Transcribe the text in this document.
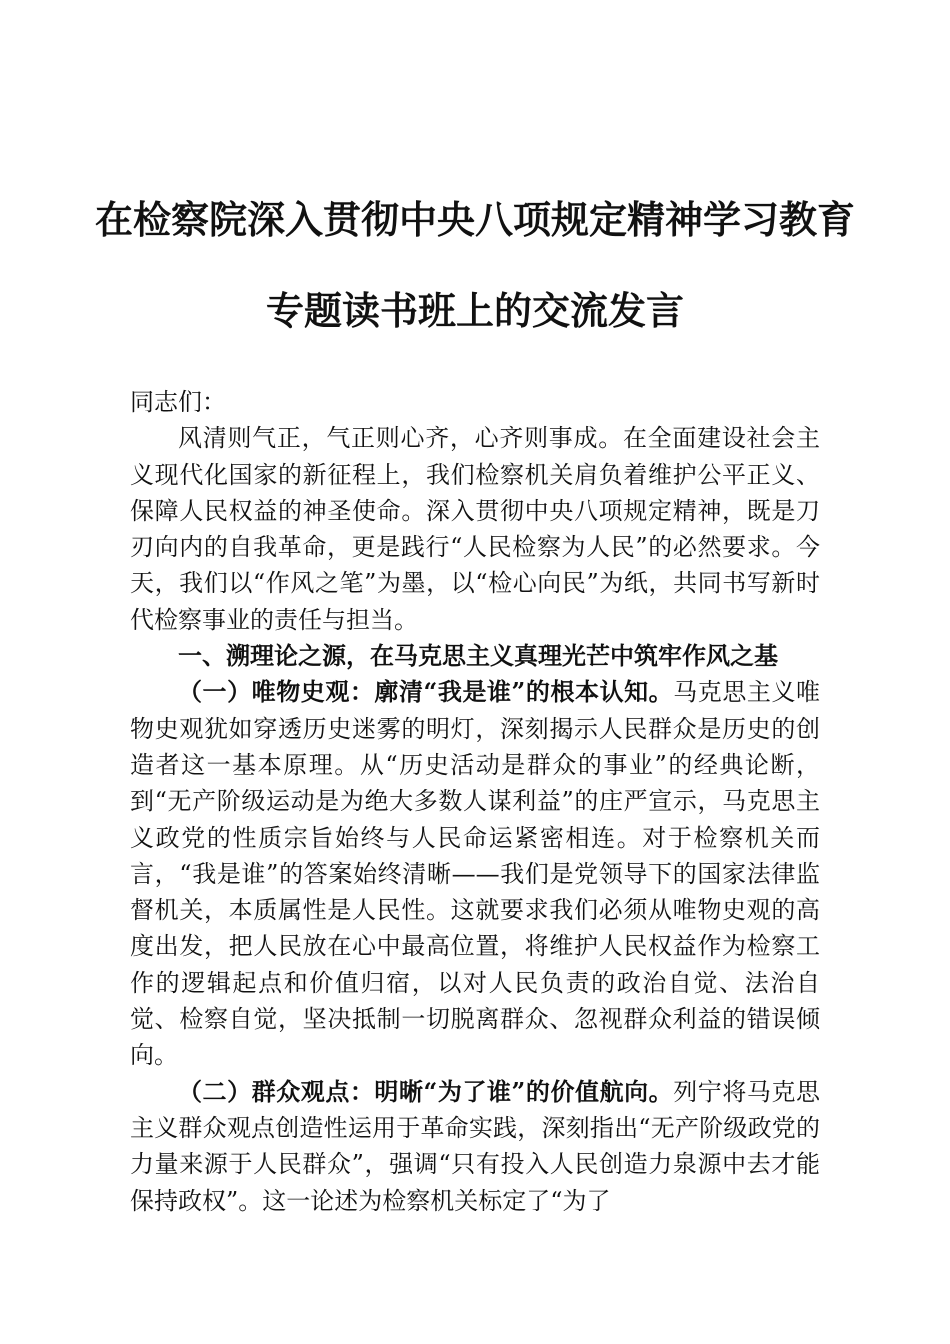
在检察院深入贯彻中央八项规定精神学习教育
专题读书班上的交流发言

同志们：

风清则气正，气正则心齐，心齐则事成。在全面建设社会主义现代化国家的新征程上，我们检察机关肩负着维护公平正义、保障人民权益的神圣使命。深入贯彻中央八项规定精神，既是刀刃向内的自我革命，更是践行“人民检察为人民”的必然要求。今天，我们以“作风之笔”为墨，以“检心向民”为纸，共同书写新时代检察事业的责任与担当。

一、溯理论之源，在马克思主义真理光芒中筑牢作风之基

（一）唯物史观：廓清“我是谁”的根本认知。马克思主义唯物史观犹如穿透历史迷雾的明灯，深刻揭示人民群众是历史的创造者这一基本原理。从“历史活动是群众的事业”的经典论断，到“无产阶级运动是为绝大多数人谋利益”的庄严宣示，马克思主义政党的性质宗旨始终与人民命运紧密相连。对于检察机关而言，“我是谁”的答案始终清晰——我们是党领导下的国家法律监督机关，本质属性是人民性。这就要求我们必须从唯物史观的高度出发，把人民放在心中最高位置，将维护人民权益作为检察工作的逻辑起点和价值归宿，以对人民负责的政治自觉、法治自觉、检察自觉，坚决抵制一切脱离群众、忽视群众利益的错误倾向。

（二）群众观点：明晰“为了谁”的价值航向。列宁将马克思主义群众观点创造性运用于革命实践，深刻指出“无产阶级政党的力量来源于人民群众”，强调“只有投入人民创造力泉源中去才能保持政权”。这一论述为检察机关标定了“为了
